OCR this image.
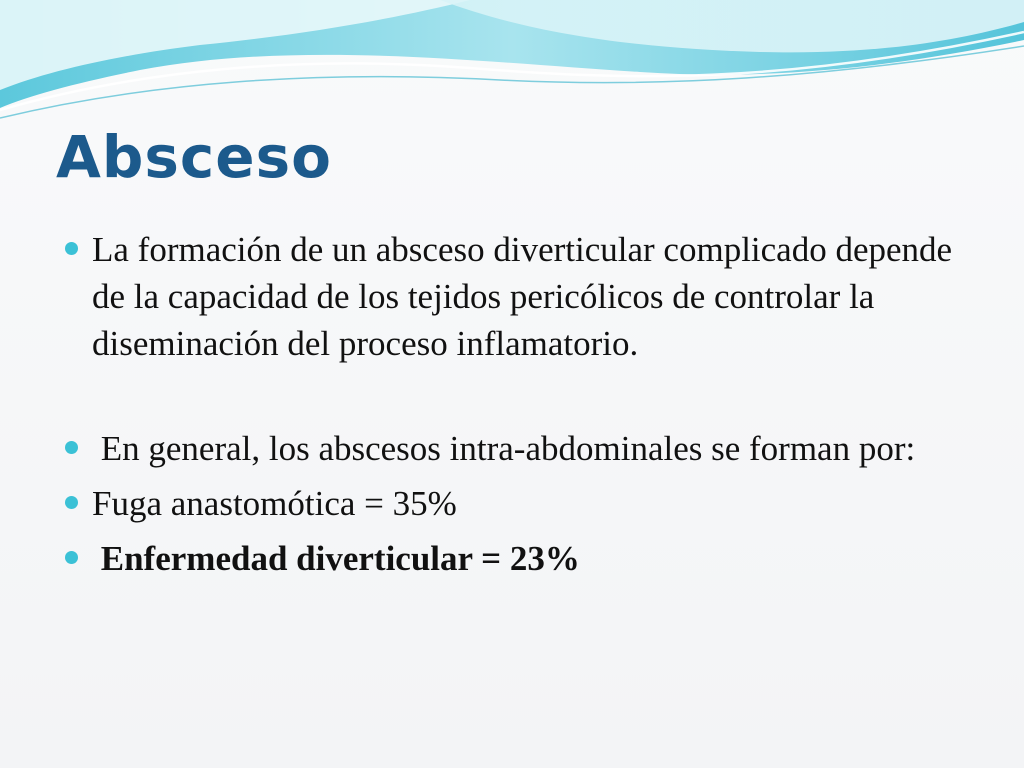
Absceso
La formación de un absceso diverticular complicado depende de la capacidad de los tejidos pericólicos de controlar la diseminación del proceso inflamatorio.
En general, los abscesos intra-abdominales se forman por:
Fuga anastomótica = 35%
Enfermedad diverticular = 23%
